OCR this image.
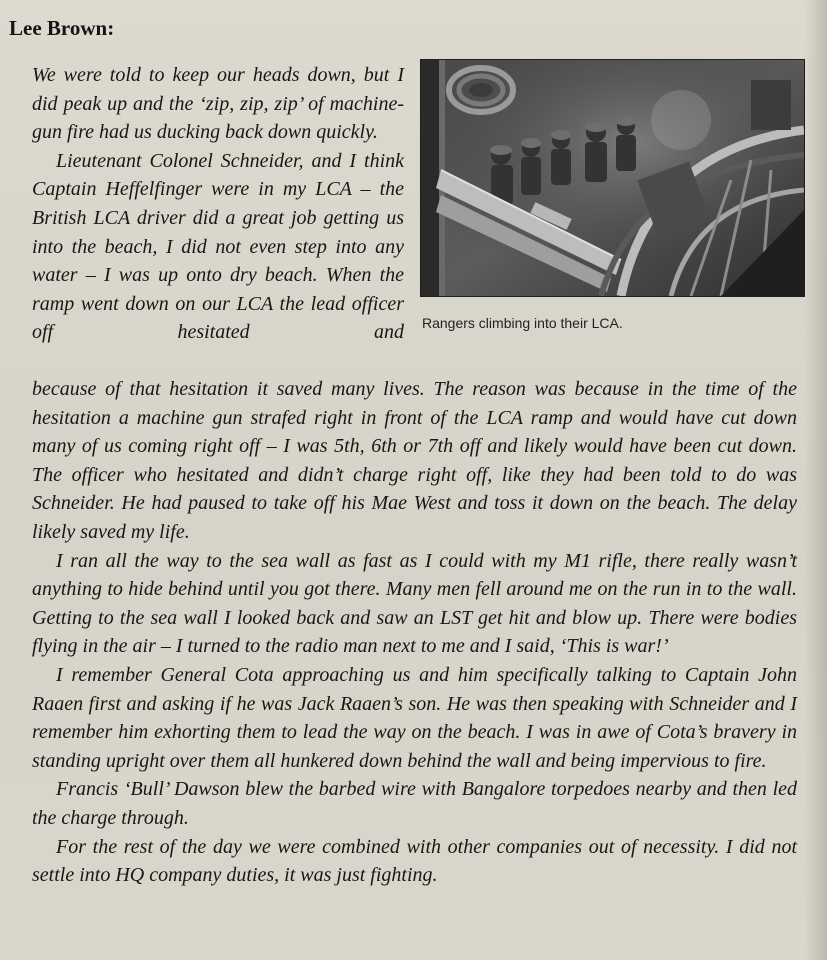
Lee Brown:

Rangers climbing into their LCA.

We were told to keep our heads down, but I did peak up and the ‘zip, zip, zip’ of machine-gun fire had us ducking back down quickly.

Lieutenant Colonel Schneider, and I think Captain Heffelfinger were in my LCA – the British LCA driver did a great job getting us into the beach, I did not even step into any water – I was up onto dry beach. When the ramp went down on our LCA the lead officer off hesitated and

because of that hesitation it saved many lives. The reason was because in the time of the hesitation a machine gun strafed right in front of the LCA ramp and would have cut down many of us coming right off – I was 5th, 6th or 7th off and likely would have been cut down. The officer who hesitated and didn’t charge right off, like they had been told to do was Schneider. He had paused to take off his Mae West and toss it down on the beach. The delay likely saved my life.

I ran all the way to the sea wall as fast as I could with my M1 rifle, there really wasn’t anything to hide behind until you got there. Many men fell around me on the run in to the wall. Getting to the sea wall I looked back and saw an LST get hit and blow up. There were bodies flying in the air – I turned to the radio man next to me and I said, ‘This is war!’

I remember General Cota approaching us and him specifically talking to Captain John Raaen first and asking if he was Jack Raaen’s son. He was then speaking with Schneider and I remember him exhorting them to lead the way on the beach. I was in awe of Cota’s bravery in standing upright over them all hunkered down behind the wall and being impervious to fire.

Francis ‘Bull’ Dawson blew the barbed wire with Bangalore torpedoes nearby and then led the charge through.

For the rest of the day we were combined with other companies out of necessity. I did not settle into HQ company duties, it was just fighting.
